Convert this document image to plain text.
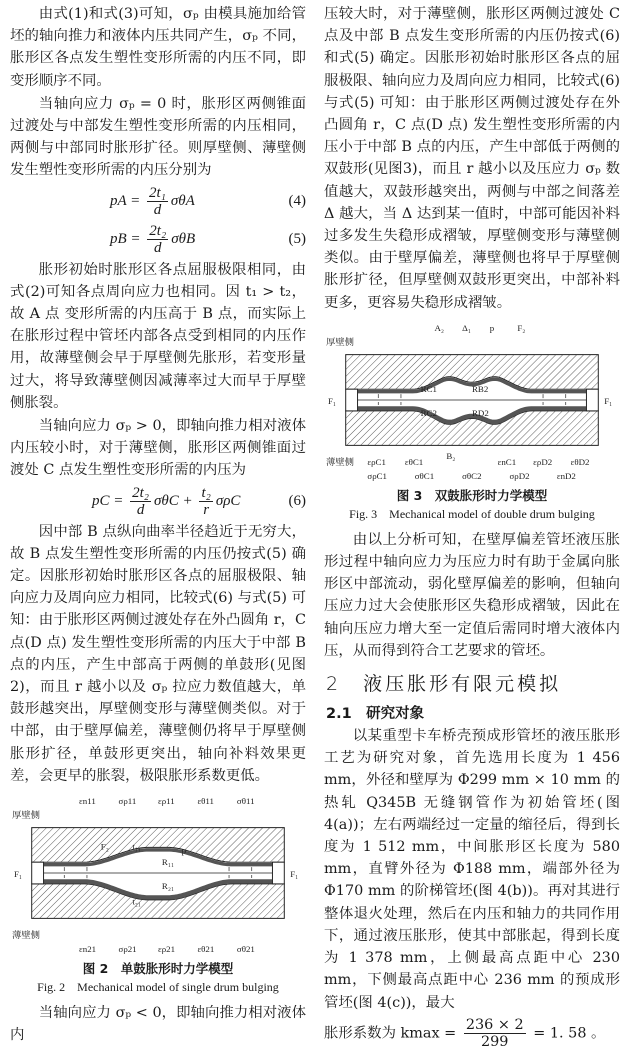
由式(1)和式(3)可知，σₚ 由模具施加给管坯的轴向推力和液体内压共同产生，σₚ 不同，胀形区各点发生塑性变形所需的内压不同，即变形顺序不同。

当轴向应力 σₚ = 0 时，胀形区两侧锥面过渡处与中部发生塑性变形所需的内压相同，两侧与中部同时胀形扩径。则厚壁侧、薄壁侧发生塑性变形所需的内压分别为

pA = $\frac{\text{2t₁}}{d}$ σθA	(4)
pB = $\frac{\text{2t₂}}{d}$ σθB	(5)

胀形初始时胀形区各点屈服极限相同，由式(2)可知各点周向应力也相同。因 t₁ > t₂，故 A 点 变形所需的内压高于 B 点，而实际上在胀形过程中管坯内部各点受到相同的内压作用，故薄壁侧会早于厚壁侧先胀形，若变形量过大，将导致薄壁侧因减薄率过大而早于厚壁侧胀裂。

当轴向应力 σₚ > 0，即轴向推力相对液体内压较小时，对于薄壁侧，胀形区两侧锥面过渡处 C 点发生塑性变形所需的内压为

pC = $\frac{\text{2t₂}}{d}$ $\sigma\theta C + \frac{\text{t₂}}{r}$ σρC	(6)

因中部 B 点纵向曲率半径趋近于无穷大，故 B 点发生塑性变形所需的内压仍按式(5) 确定。因胀形初始时胀形区各点的屈服极限、轴向应力及周向应力相同，比较式(6) 与式(5) 可知：由于胀形区两侧过渡处存在外凸圆角 r，C 点(D 点) 发生塑性变形所需的内压大于中部 B 点的内压，产生中部高于两侧的单鼓形(见图2)，而且 r 越小以及 σₚ 拉应力数值越大，单鼓形越突出，厚壁侧变形与薄壁侧类似。对于中部，由于壁厚偏差，薄壁侧仍将早于厚壁侧胀形扩径，单鼓形更突出，轴向补料效果更差，会更早的胀裂，极限胀形系数更低。

厚壁侧
薄壁侧
εn11	σρ11 ερ11	εθ11	σθ11
t₁₁	p
R₁₁
R₂₁
t₂₁
F₂
εn21 σρ21 ερ21 εθ21	σθ21
F₁	F₁
图 2　单鼓胀形时力学模型
Fig. 2　Mechanical model of single drum bulging

当轴向应力 σₚ < 0，即轴向推力相对液体内

压较大时，对于薄壁侧，胀形区两侧过渡处 C 点及中部 B 点发生变形所需的内压仍按式(6) 和式(5) 确定。因胀形初始时胀形区各点的屈服极限、轴向应力及周向应力相同，比较式(6) 与式(5) 可知：由于胀形区两侧过渡处存在外凸圆角 r，C 点(D 点) 发生塑性变形所需的内压小于中部 B 点的内压，产生中部低于两侧的双鼓形(见图3)，而且 r 越小以及压应力 σₚ 数值越大，双鼓形越突出，两侧与中部之间落差 Δ 越大，当 Δ 达到某一值时，中部可能因补料过多发生失稳形成褶皱，厚壁侧变形与薄壁侧类似。由于壁厚偏差，薄壁侧也将早于厚壁侧胀形扩径，但厚壁侧双鼓形更突出，中部补料更多，更容易失稳形成褶皱。

厚壁侧
薄壁侧
A₂ Δ₁ p	F₂
RC1	RB2
RC2	RD2
B₂
ερC1 εθC1	εnC1 ερD2 εθD2
σρC1	σθC1	σθC2	σρD2	εnD2
F₁	F₁
图 3　双鼓胀形时力学模型
Fig. 3　Mechanical model of double drum bulging

由以上分析可知，在壁厚偏差管坯液压胀形过程中轴向应力为压应力时有助于金属向胀形区中部流动，弱化壁厚偏差的影响，但轴向压应力过大会使胀形区失稳形成褶皱，因此在轴向压应力增大至一定值后需同时增大液体内压，从而得到符合工艺要求的管坯。

2　液压胀形有限元模拟
2.1　研究对象

以某重型卡车桥壳预成形管坯的液压胀形工艺为研究对象，首先选用长度为 1 456 mm，外径和壁厚为 Φ299 mm × 10 mm 的热轧 Q345B 无缝钢管作为初始管坯(图 4(a))；左右两端经过一定量的缩径后，得到长度为 1 512 mm，中间胀形区长度为 580 mm，直臂外径为 Φ188 mm，端部外径为 Φ170 mm 的阶梯管坯(图 4(b))。再对其进行整体退火处理，然后在内压和轴力的共同作用下，通过液压胀形，使其中部胀起，得到长度为 1 378 mm，上侧最高点距中心 230 mm，下侧最高点距中心 236 mm 的预成形管坯(图 4(c))，最大

胀形系数为 $kmax = \frac{236 \times 2}{299} = 1$. 58 。
